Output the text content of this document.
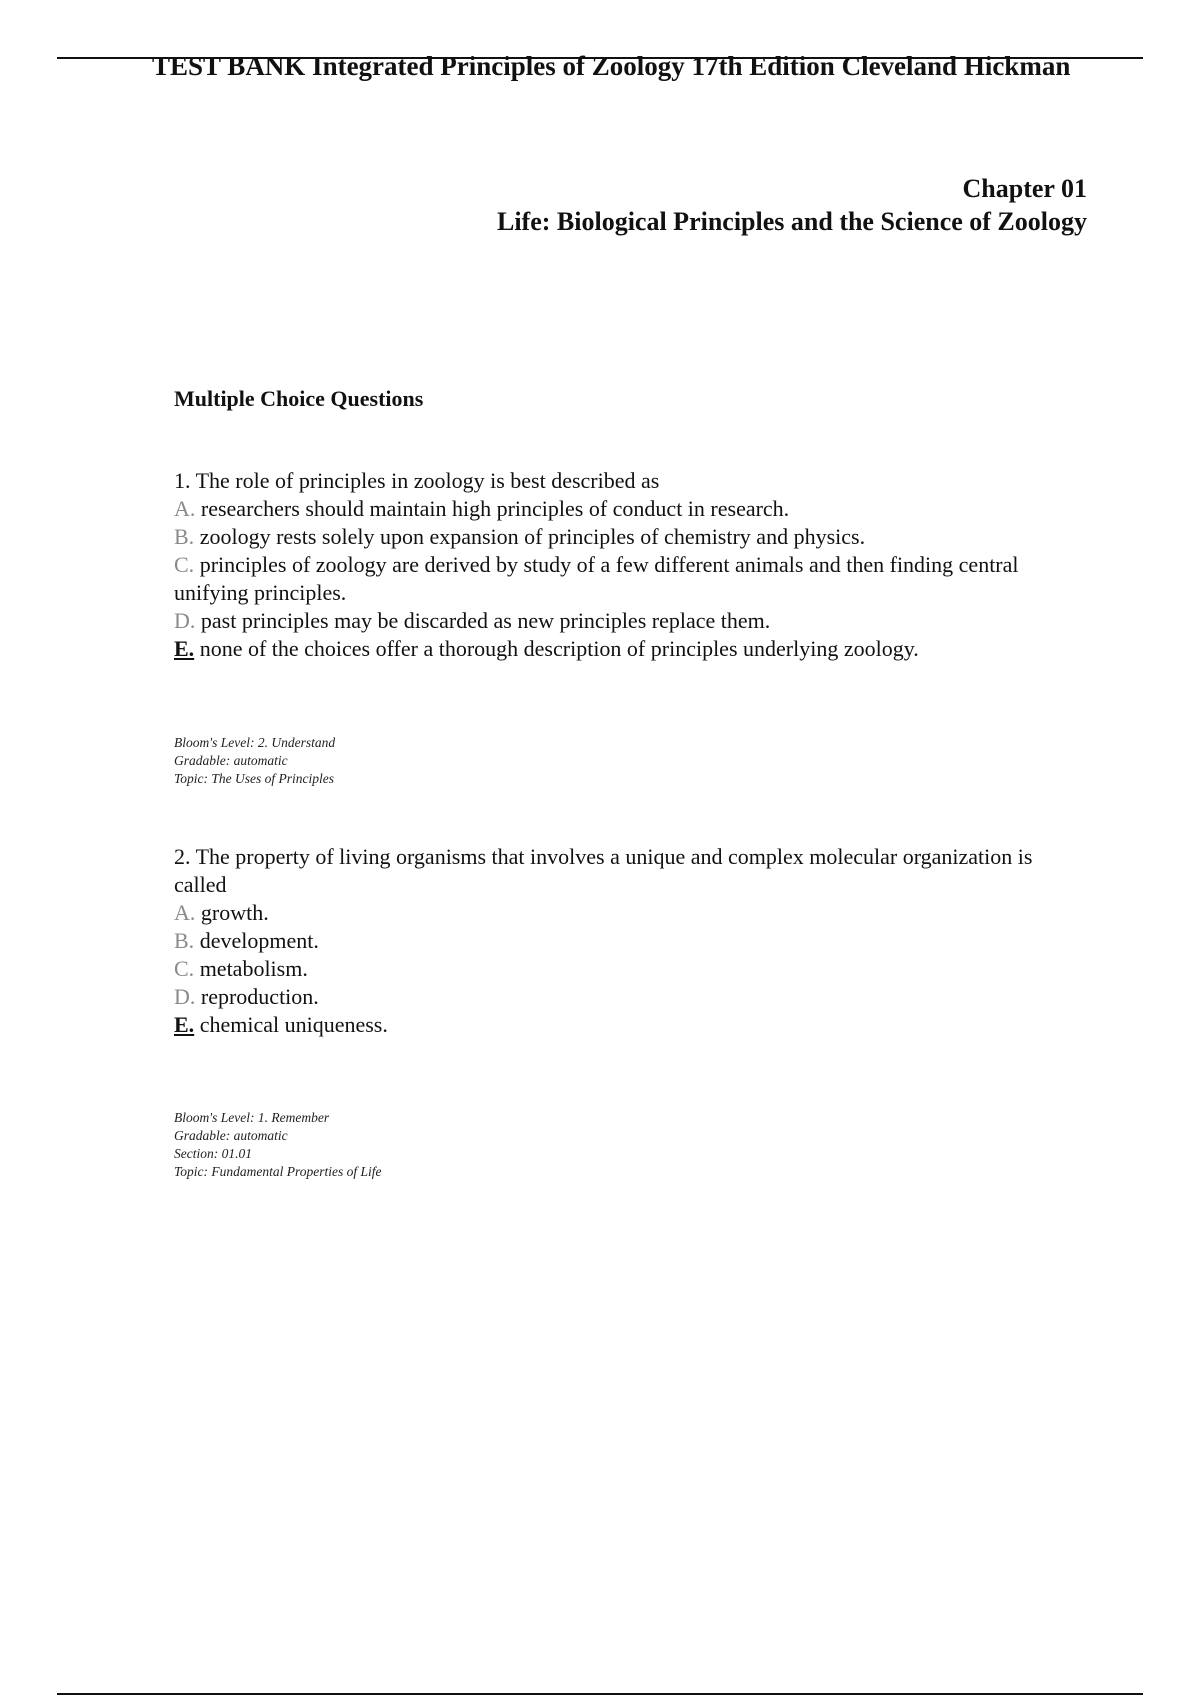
TEST BANK Integrated Principles of Zoology 17th Edition Cleveland Hickman
Chapter 01
Life: Biological Principles and the Science of Zoology
Multiple Choice Questions

1. The role of principles in zoology is best described as

A. researchers should maintain high principles of conduct in research.

B. zoology rests solely upon expansion of principles of chemistry and physics.

C. principles of zoology are derived by study of a few different animals and then finding central unifying principles.

D. past principles may be discarded as new principles replace them.

E. none of the choices offer a thorough description of principles underlying zoology.

Bloom's Level: 2. Understand
Gradable: automatic
Topic: The Uses of Principles

2. The property of living organisms that involves a unique and complex molecular organization is called

A. growth.

B. development.

C. metabolism.

D. reproduction.

E. chemical uniqueness.

Bloom's Level: 1. Remember
Gradable: automatic
Section: 01.01
Topic: Fundamental Properties of Life
